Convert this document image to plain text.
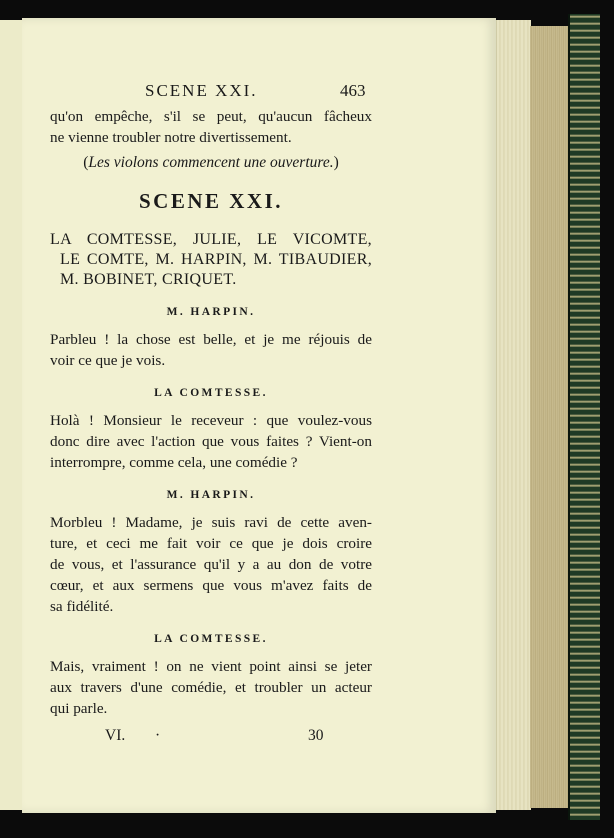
SCENE XXI.	463
qu'on empêche, s'il se peut, qu'aucun fâcheux
ne vienne troubler notre divertissement.
(Les violons commencent une ouverture.)
SCENE XXI.
LA COMTESSE, JULIE, LE VICOMTE,
LE COMTE, M. HARPIN, M. TIBAUDIER,
M. BOBINET, CRIQUET.
M. HARPIN.
Parbleu ! la chose est belle, et je me réjouis de
voir ce que je vois.
LA COMTESSE.
Holà ! Monsieur le receveur : que voulez-vous
donc dire avec l'action que vous faites ? Vient-on
interrompre, comme cela, une comédie ?
M. HARPIN.
Morbleu ! Madame, je suis ravi de cette aven-
ture, et ceci me fait voir ce que je dois croire
de vous, et l'assurance qu'il y a au don de votre
cœur, et aux sermens que vous m'avez faits de
sa fidélité.
LA COMTESSE.
Mais, vraiment ! on ne vient point ainsi se jeter
aux travers d'une comédie, et troubler un acteur
qui parle.
VI. ·	30
